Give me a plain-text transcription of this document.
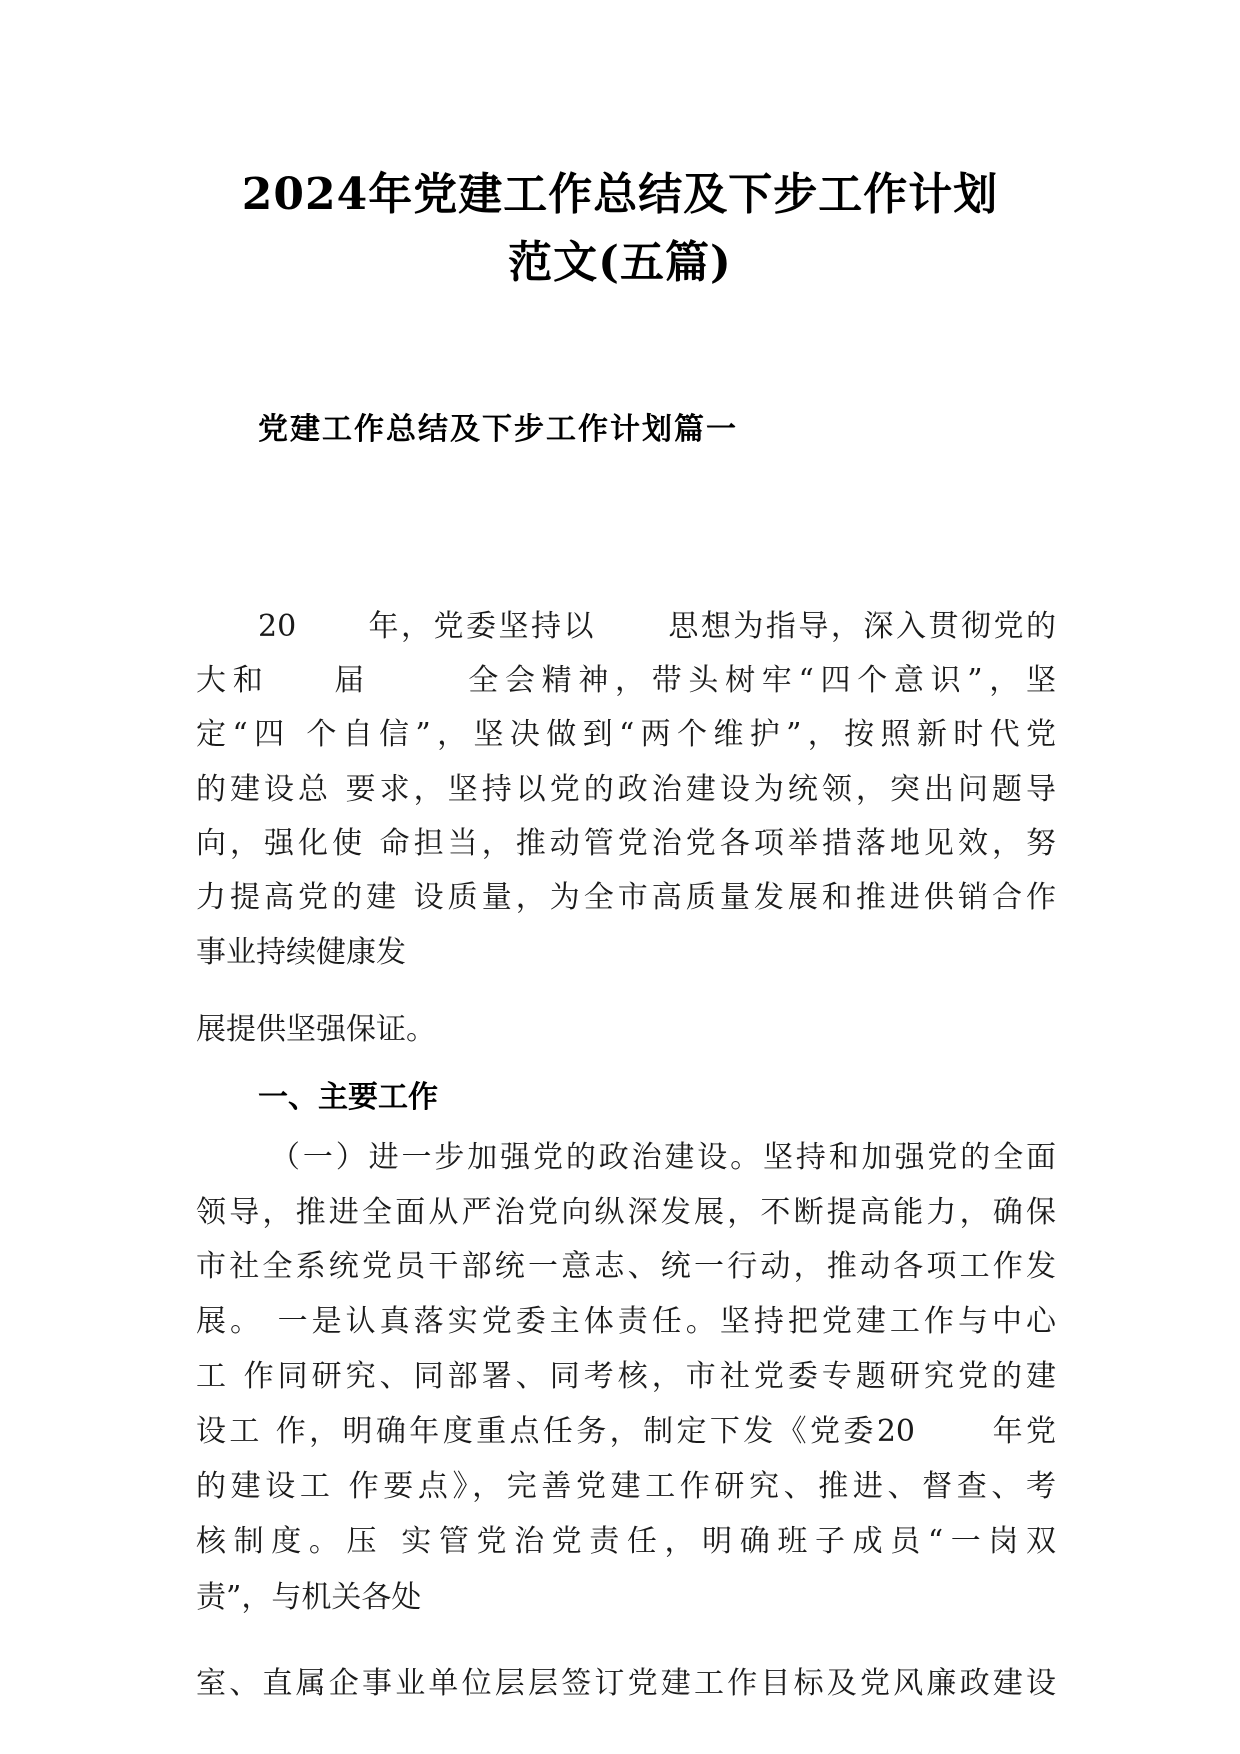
2024年党建工作总结及下步工作计划
范文(五篇)
党建工作总结及下步工作计划篇一

20      年，党委坚持以      思想为指导，深入贯彻党的

大和    届      全会精神，带头树牢“四个意识”，坚

定“四 个自信”，坚决做到“两个维护”，按照新时代党

的建设总 要求，坚持以党的政治建设为统领，突出问题导

向，强化使 命担当，推动管党治党各项举措落地见效，努

力提高党的建 设质量，为全市高质量发展和推进供销合作

事业持续健康发

展提供坚强保证。

一、主要工作

（一）进一步加强党的政治建设。坚持和加强党的全面

领导，推进全面从严治党向纵深发展，不断提高能力，确保

市社全系统党员干部统一意志、统一行动，推动各项工作发

展。 一是认真落实党委主体责任。坚持把党建工作与中心

工 作同研究、同部署、同考核，市社党委专题研究党的建

设工 作，明确年度重点任务，制定下发《党委20      年党

的建设工 作要点》，完善党建工作研究、推进、督查、考

核制度。压 实管党治党责任，明确班子成员“一岗双

责”，与机关各处

室、直属企事业单位层层签订党建工作目标及党风廉政建设
